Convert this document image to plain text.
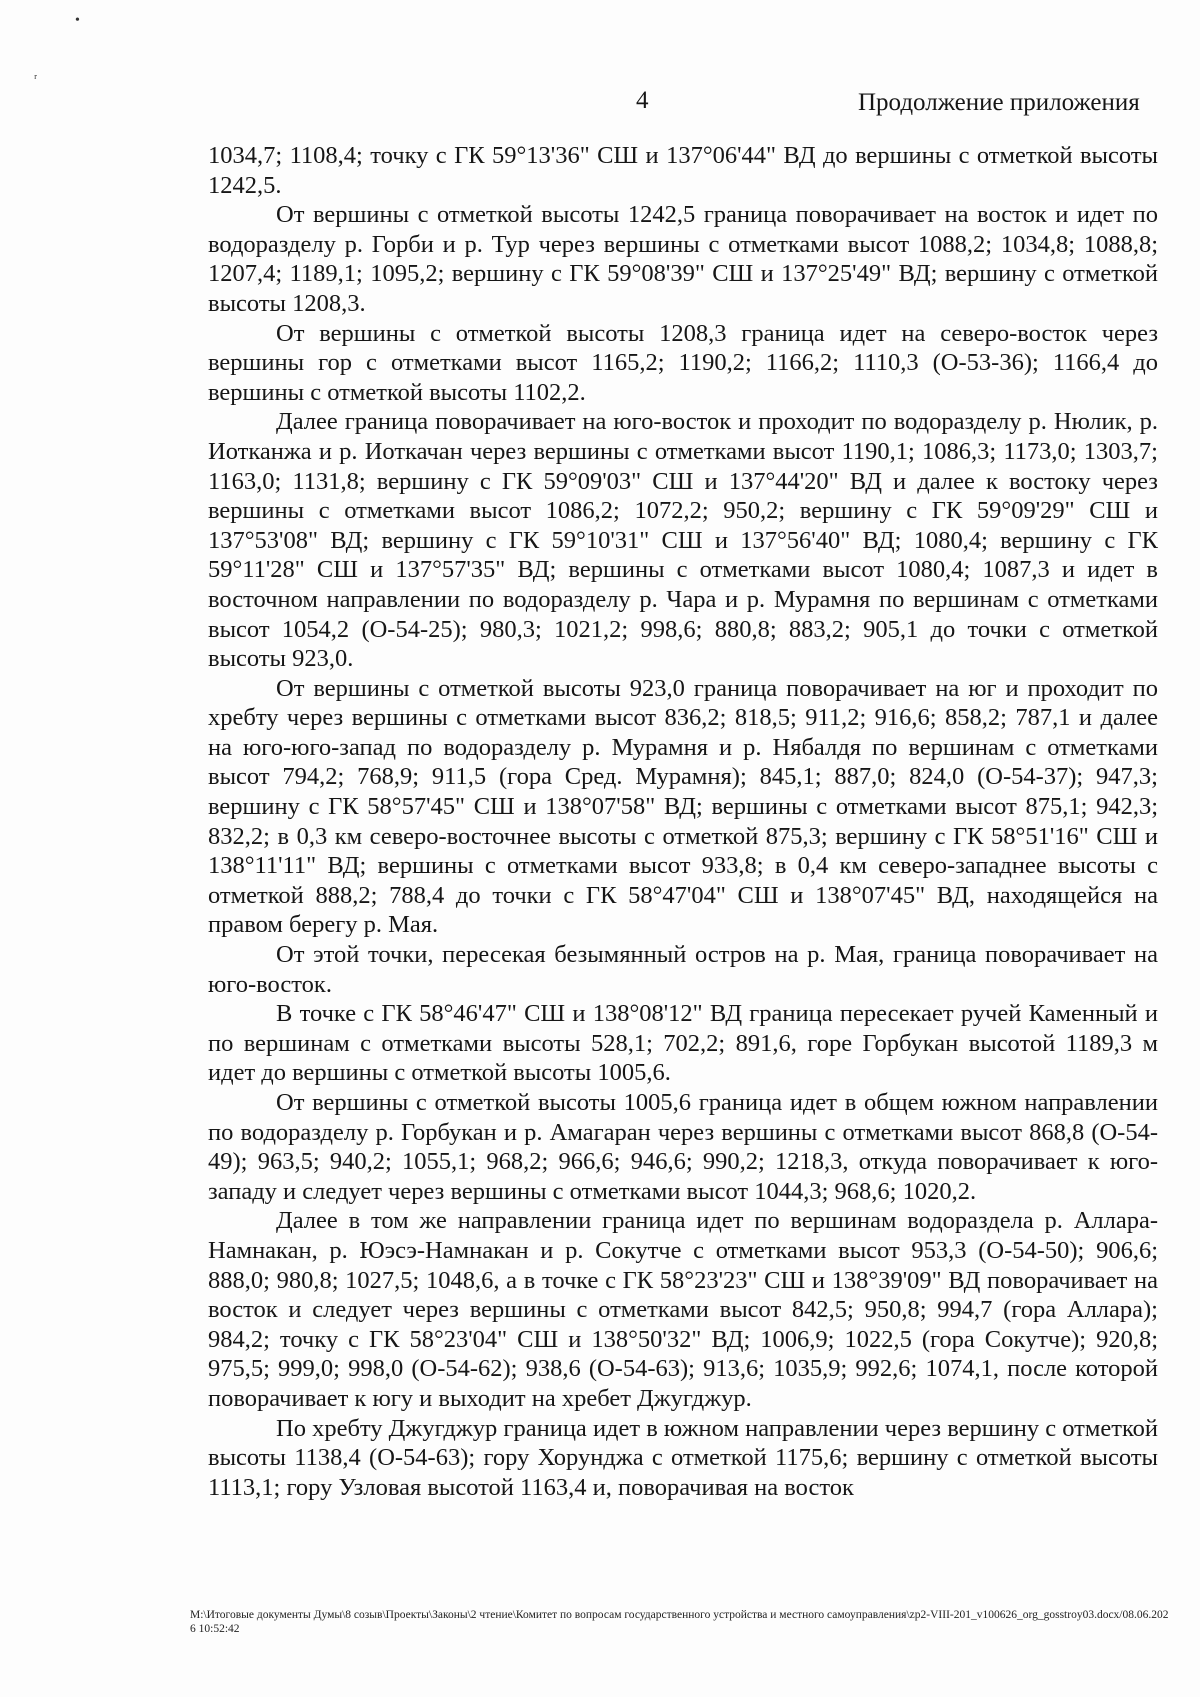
•
ʳ
4	Продолжение приложения

1034,7; 1108,4; точку с ГК 59°13'36" СШ и 137°06'44" ВД до вершины с отметкой высоты 1242,5.

От вершины с отметкой высоты 1242,5 граница поворачивает на восток и идет по водоразделу р. Горби и р. Тур через вершины с отметками высот 1088,2; 1034,8; 1088,8; 1207,4; 1189,1; 1095,2; вершину с ГК 59°08'39" СШ и 137°25'49" ВД; вершину с отметкой высоты 1208,3.

От вершины с отметкой высоты 1208,3 граница идет на северо-восток через вершины гор с отметками высот 1165,2; 1190,2; 1166,2; 1110,3 (О-53-36); 1166,4 до вершины с отметкой высоты 1102,2.

Далее граница поворачивает на юго-восток и проходит по водоразделу р. Нюлик, р. Иотканжа и р. Иоткачан через вершины с отметками высот 1190,1; 1086,3; 1173,0; 1303,7; 1163,0; 1131,8; вершину с ГК 59°09'03" СШ и 137°44'20" ВД и далее к востоку через вершины с отметками высот 1086,2; 1072,2; 950,2; вершину с ГК 59°09'29" СШ и 137°53'08" ВД; вершину с ГК 59°10'31" СШ и 137°56'40" ВД; 1080,4; вершину с ГК 59°11'28" СШ и 137°57'35" ВД; вершины с отметками высот 1080,4; 1087,3 и идет в восточном направлении по водоразделу р. Чара и р. Мурамня по вершинам с отметками высот 1054,2 (О-54-25); 980,3; 1021,2; 998,6; 880,8; 883,2; 905,1 до точки с отметкой высоты 923,0.

От вершины с отметкой высоты 923,0 граница поворачивает на юг и проходит по хребту через вершины с отметками высот 836,2; 818,5; 911,2; 916,6; 858,2; 787,1 и далее на юго-юго-запад по водоразделу р. Мурамня и р. Нябалдя по вершинам с отметками высот 794,2; 768,9; 911,5 (гора Сред. Мурамня); 845,1; 887,0; 824,0 (О-54-37); 947,3; вершину с ГК 58°57'45" СШ и 138°07'58" ВД; вершины с отметками высот 875,1; 942,3; 832,2; в 0,3 км северо-восточнее высоты с отметкой 875,3; вершину с ГК 58°51'16" СШ и 138°11'11" ВД; вершины с отметками высот 933,8; в 0,4 км северо-западнее высоты с отметкой 888,2; 788,4 до точки с ГК 58°47'04" СШ и 138°07'45" ВД, находящейся на правом берегу р. Мая.

От этой точки, пересекая безымянный остров на р. Мая, граница поворачивает на юго-восток.

В точке с ГК 58°46'47" СШ и 138°08'12" ВД граница пересекает ручей Каменный и по вершинам с отметками высоты 528,1; 702,2; 891,6, горе Горбукан высотой 1189,3 м идет до вершины с отметкой высоты 1005,6.

От вершины с отметкой высоты 1005,6 граница идет в общем южном направлении по водоразделу р. Горбукан и р. Амагаран через вершины с отметками высот 868,8 (О-54-49); 963,5; 940,2; 1055,1; 968,2; 966,6; 946,6; 990,2; 1218,3, откуда поворачивает к юго-западу и следует через вершины с отметками высот 1044,3; 968,6; 1020,2.

Далее в том же направлении граница идет по вершинам водораздела р. Аллара-Намнакан, р. Юэсэ-Намнакан и р. Сокутче с отметками высот 953,3 (О-54-50); 906,6; 888,0; 980,8; 1027,5; 1048,6, а в точке с ГК 58°23'23" СШ и 138°39'09" ВД поворачивает на восток и следует через вершины с отметками высот 842,5; 950,8; 994,7 (гора Аллара); 984,2; точку с ГК 58°23'04" СШ и 138°50'32" ВД; 1006,9; 1022,5 (гора Сокутче); 920,8; 975,5; 999,0; 998,0 (О-54-62); 938,6 (О-54-63); 913,6; 1035,9; 992,6; 1074,1, после которой поворачивает к югу и выходит на хребет Джугджур.

По хребту Джугджур граница идет в южном направлении через вершину с отметкой высоты 1138,4 (О-54-63); гору Хорунджа с отметкой 1175,6; вершину с отметкой высоты 1113,1; гору Узловая высотой 1163,4 и, поворачивая на восток

M:\Итоговые документы Думы\8 созыв\Проекты\Законы\2 чтение\Комитет по вопросам государственного устройства и местного самоуправления\zp2-VIII-201_v100626_org_gosstroy03.docx/08.06.2026 10:52:42
